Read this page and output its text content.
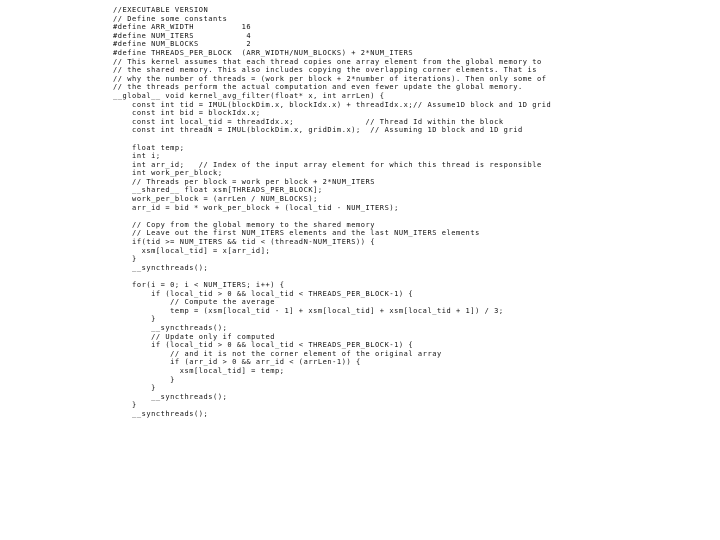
//EXECUTABLE VERSION
// Define some constants
#define ARR_WIDTH          16
#define NUM_ITERS           4
#define NUM_BLOCKS          2
#define THREADS_PER_BLOCK  (ARR_WIDTH/NUM_BLOCKS) + 2*NUM_ITERS
// This kernel assumes that each thread copies one array element from the global memory to
// the shared memory. This also includes copying the overlapping corner elements. That is
// why the number of threads = (work per block + 2*number of iterations). Then only some of
// the threads perform the actual computation and even fewer update the global memory.
__global__ void kernel_avg_filter(float* x, int arrLen) {
const int tid = IMUL(blockDim.x, blockIdx.x) + threadIdx.x;// Assume1D block and 1D grid
const int bid = blockIdx.x;
const int local_tid = threadIdx.x;               // Thread Id within the block
const int threadN = IMUL(blockDim.x, gridDim.x);  // Assuming 1D block and 1D grid
float temp;
int i;
int arr_id;   // Index of the input array element for which this thread is responsible
int work_per_block;
// Threads per block = work per block + 2*NUM_ITERS
__shared__ float xsm[THREADS_PER_BLOCK];
work_per_block = (arrLen / NUM_BLOCKS);
arr_id = bid * work_per_block + (local_tid - NUM_ITERS);
// Copy from the global memory to the shared memory
// Leave out the first NUM_ITERS elements and the last NUM_ITERS elements
if(tid >= NUM_ITERS && tid < (threadN-NUM_ITERS)) {
xsm[local_tid] = x[arr_id];
}
__syncthreads();
for(i = 0; i < NUM_ITERS; i++) {
if (local_tid > 0 && local_tid < THREADS_PER_BLOCK-1) {
// Compute the average
temp = (xsm[local_tid - 1] + xsm[local_tid] + xsm[local_tid + 1]) / 3;
}
__syncthreads();
// Update only if computed
if (local_tid > 0 && local_tid < THREADS_PER_BLOCK-1) {
// and it is not the corner element of the original array
if (arr_id > 0 && arr_id < (arrLen-1)) {
xsm[local_tid] = temp;
}
}
__syncthreads();
}
__syncthreads();
